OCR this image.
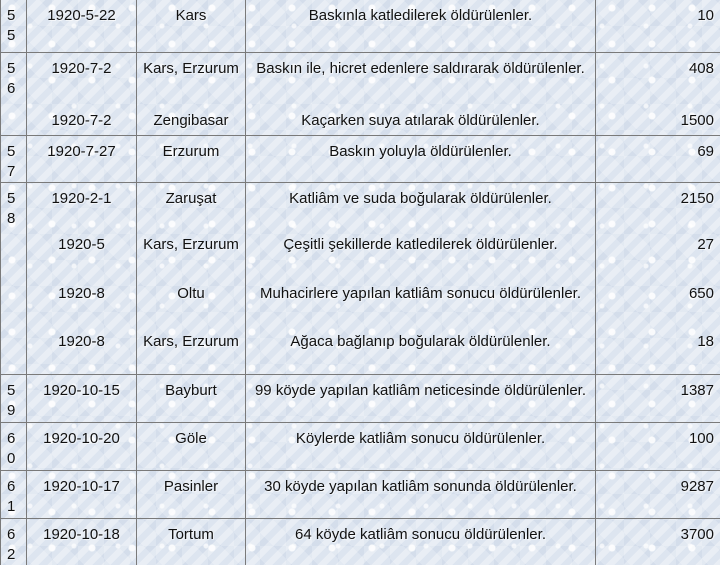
5 5	1920-5-22	Kars	Baskınla katledilerek öldürülenler.	10
5 6	1920-7-2	Kars, Erzurum	Baskın ile, hicret edenlere saldırarak öldürülenler.	408
	1920-7-2	Zengibasar	Kaçarken suya atılarak öldürülenler.	1500
5 7	1920-7-27	Erzurum	Baskın yoluyla öldürülenler.	69
5 8	1920-2-1	Zaruşat	Katliâm ve suda boğularak öldürülenler.	2150
	1920-5	Kars, Erzurum	Çeşitli şekillerde katledilerek öldürülenler.	27
	1920-8	Oltu	Muhacirlere yapılan katliâm sonucu öldürülenler.	650
	1920-8	Kars, Erzurum	Ağaca bağlanıp boğularak öldürülenler.	18
5 9	1920-10-15	Bayburt	99 köyde yapılan katliâm neticesinde öldürülenler.	1387
6 0	1920-10-20	Göle	Köylerde katliâm sonucu öldürülenler.	100
6 1	1920-10-17	Pasinler	30 köyde yapılan katliâm sonunda öldürülenler.	9287
6 2	1920-10-18	Tortum	64 köyde katliâm sonucu öldürülenler.	3700
